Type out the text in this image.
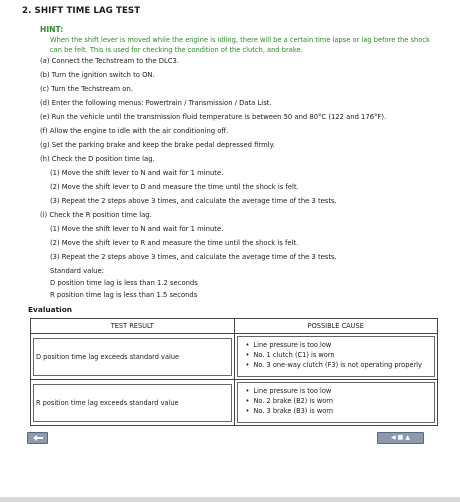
2. SHIFT TIME LAG TEST
HINT:
When the shift lever is moved while the engine is idling, there will be a certain time lapse or lag before the shock can be felt. This is used for checking the condition of the clutch, and brake.
(a) Connect the Techstream to the DLC3.
(b) Turn the ignition switch to ON.
(c) Turn the Techstream on.
(d) Enter the following menus: Powertrain / Transmission / Data List.
(e) Run the vehicle until the transmission fluid temperature is between 50 and 80°C (122 and 176°F).
(f) Allow the engine to idle with the air conditioning off.
(g) Set the parking brake and keep the brake pedal depressed firmly.
(h) Check the D position time lag.
(1) Move the shift lever to N and wait for 1 minute.
(2) Move the shift lever to D and measure the time until the shock is felt.
(3) Repeat the 2 steps above 3 times, and calculate the average time of the 3 tests.
(i) Check the R position time lag.
(1) Move the shift lever to N and wait for 1 minute.
(2) Move the shift lever to R and measure the time until the shock is felt.
(3) Repeat the 2 steps above 3 times, and calculate the average time of the 3 tests.
Standard value:
D position time lag is less than 1.2 seconds
R position time lag is less than 1.5 seconds
Evaluation
TEST RESULT	POSSIBLE CAUSE

D position time lag exceeds standard value	• Line pressure is too low
• No. 1 clutch (C1) is worn
• No. 3 one-way clutch (F3) is not operating properly

R position time lag exceeds standard value	• Line pressure is too low
• No. 2 brake (B2) is worn
• No. 3 brake (B3) is worn
◀ ■ ▲
